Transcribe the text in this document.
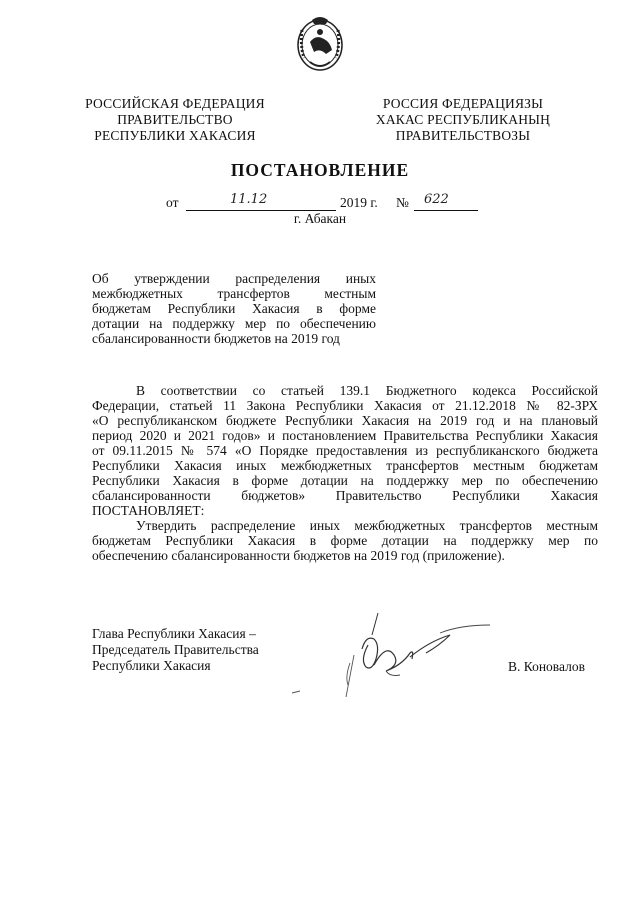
РОССИЙСКАЯ ФЕДЕРАЦИЯ
ПРАВИТЕЛЬСТВО
РЕСПУБЛИКИ ХАКАСИЯ
РОССИЯ ФЕДЕРАЦИЯЗЫ
ХАКАС РЕСПУБЛИКАНЫҢ
ПРАВИТЕЛЬСТВОЗЫ
ПОСТАНОВЛЕНИЕ
от	11.12	2019 г. № 622
г. Абакан
Об утверждении распределения иных
межбюджетных трансфертов местным
бюджетам Республики Хакасия в форме
дотации на поддержку мер по обеспечению
сбалансированности бюджетов на 2019 год
В соответствии со статьей 139.1 Бюджетного кодекса Российской
Федерации, статьей 11 Закона Республики Хакасия от 21.12.2018 № 82-ЗРХ
«О республиканском бюджете Республики Хакасия на 2019 год и на плановый
период 2020 и 2021 годов» и постановлением Правительства Республики Хакасия
от 09.11.2015 № 574 «О Порядке предоставления из республиканского бюджета
Республики Хакасия иных межбюджетных трансфертов местным бюджетам
Республики Хакасия в форме дотации на поддержку мер по обеспечению
сбалансированности бюджетов» Правительство Республики Хакасия
ПОСТАНОВЛЯЕТ:
Утвердить распределение иных межбюджетных трансфертов местным
бюджетам Республики Хакасия в форме дотации на поддержку мер по
обеспечению сбалансированности бюджетов на 2019 год (приложение).
Глава Республики Хакасия –
Председатель Правительства
Республики Хакасия	В. Коновалов
